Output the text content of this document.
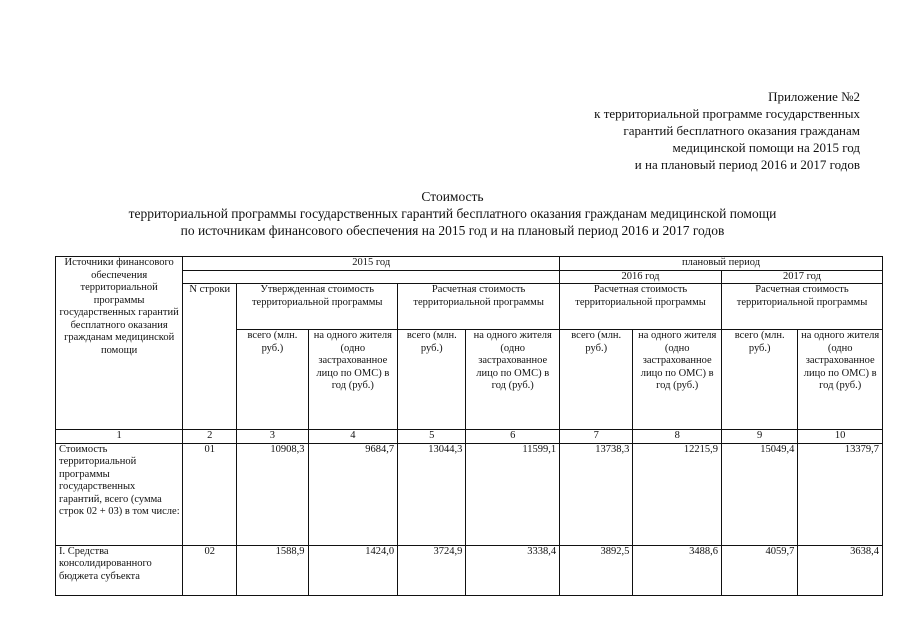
Приложение №2
к территориальной программе государственных
гарантий бесплатного оказания гражданам
медицинской помощи на 2015 год
и на плановый период 2016 и 2017 годов
Стоимость
территориальной программы государственных гарантий бесплатного оказания гражданам медицинской помощи
по источникам финансового обеспечения на 2015 год и на плановый период 2016 и 2017 годов
Источники финансового обеспечения территориальной программы государственных гарантий бесплатного оказания гражданам медицинской помощи	2015 год					плановый период			
						2016 год		2017 год	
	N строки	Утвержденная стоимость территориальной программы		Расчетная стоимость территориальной программы		Расчетная стоимость территориальной программы		Расчетная стоимость территориальной программы	
		всего (млн. руб.)	на одного жителя (одно застрахованное лицо по ОМС) в год (руб.)	всего (млн. руб.)	на одного жителя (одно застрахованное лицо по ОМС) в год (руб.)	всего (млн. руб.)	на одного жителя (одно застрахованное лицо по ОМС) в год (руб.)	всего (млн. руб.)	на одного жителя (одно застрахованное лицо по ОМС) в год (руб.)

1	2	3	4	5	6	7	8	9	10
Стоимость территориальной программы государственных гарантий, всего (сумма строк 02 + 03) в том числе:	01	10908,3	9684,7	13044,3	11599,1	13738,3	12215,9	15049,4	13379,7
I. Средства консолидированного бюджета субъекта	02	1588,9	1424,0	3724,9	3338,4	3892,5	3488,6	4059,7	3638,4
